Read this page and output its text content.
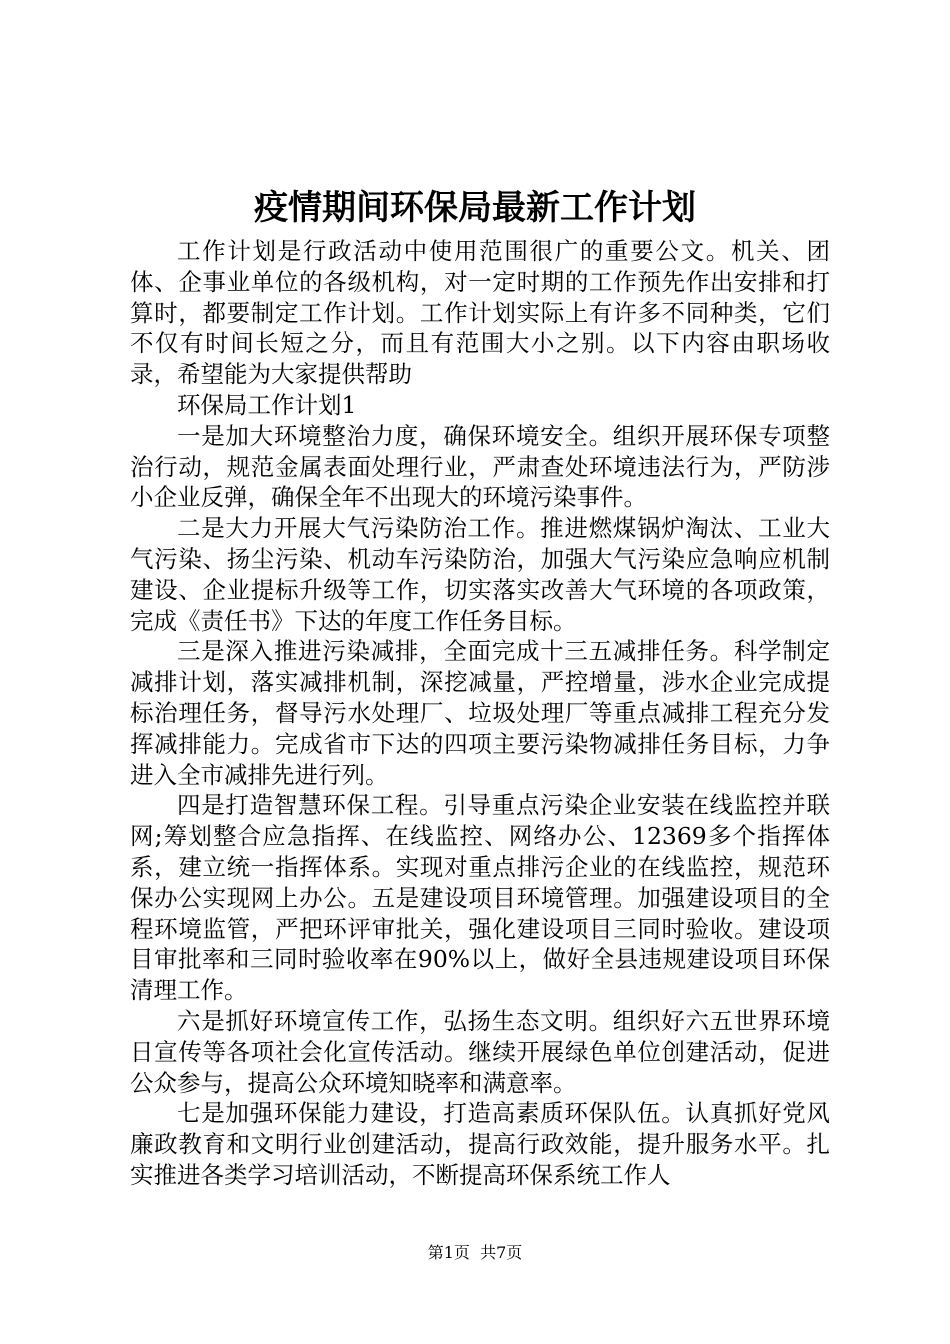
疫情期间环保局最新工作计划

工作计划是行政活动中使用范围很广的重要公文。机关、团体、企事业单位的各级机构，对一定时期的工作预先作出安排和打算时，都要制定工作计划。工作计划实际上有许多不同种类，它们不仅有时间长短之分，而且有范围大小之别。以下内容由职场收录，希望能为大家提供帮助

环保局工作计划1

一是加大环境整治力度，确保环境安全。组织开展环保专项整治行动，规范金属表面处理行业，严肃查处环境违法行为，严防涉小企业反弹，确保全年不出现大的环境污染事件。

二是大力开展大气污染防治工作。推进燃煤锅炉淘汰、工业大气污染、扬尘污染、机动车污染防治，加强大气污染应急响应机制建设、企业提标升级等工作，切实落实改善大气环境的各项政策，完成《责任书》下达的年度工作任务目标。

三是深入推进污染减排，全面完成十三五减排任务。科学制定减排计划，落实减排机制，深挖减量，严控增量，涉水企业完成提标治理任务，督导污水处理厂、垃圾处理厂等重点减排工程充分发挥减排能力。完成省市下达的四项主要污染物减排任务目标，力争进入全市减排先进行列。

四是打造智慧环保工程。引导重点污染企业安装在线监控并联网;筹划整合应急指挥、在线监控、网络办公、12369多个指挥体系，建立统一指挥体系。实现对重点排污企业的在线监控，规范环保办公实现网上办公。五是建设项目环境管理。加强建设项目的全程环境监管，严把环评审批关，强化建设项目三同时验收。建设项目审批率和三同时验收率在90%以上，做好全县违规建设项目环保清理工作。

六是抓好环境宣传工作，弘扬生态文明。组织好六五世界环境日宣传等各项社会化宣传活动。继续开展绿色单位创建活动，促进公众参与，提高公众环境知晓率和满意率。

七是加强环保能力建设，打造高素质环保队伍。认真抓好党风廉政教育和文明行业创建活动，提高行政效能，提升服务水平。扎实推进各类学习培训活动，不断提高环保系统工作人

第1页 共7页
